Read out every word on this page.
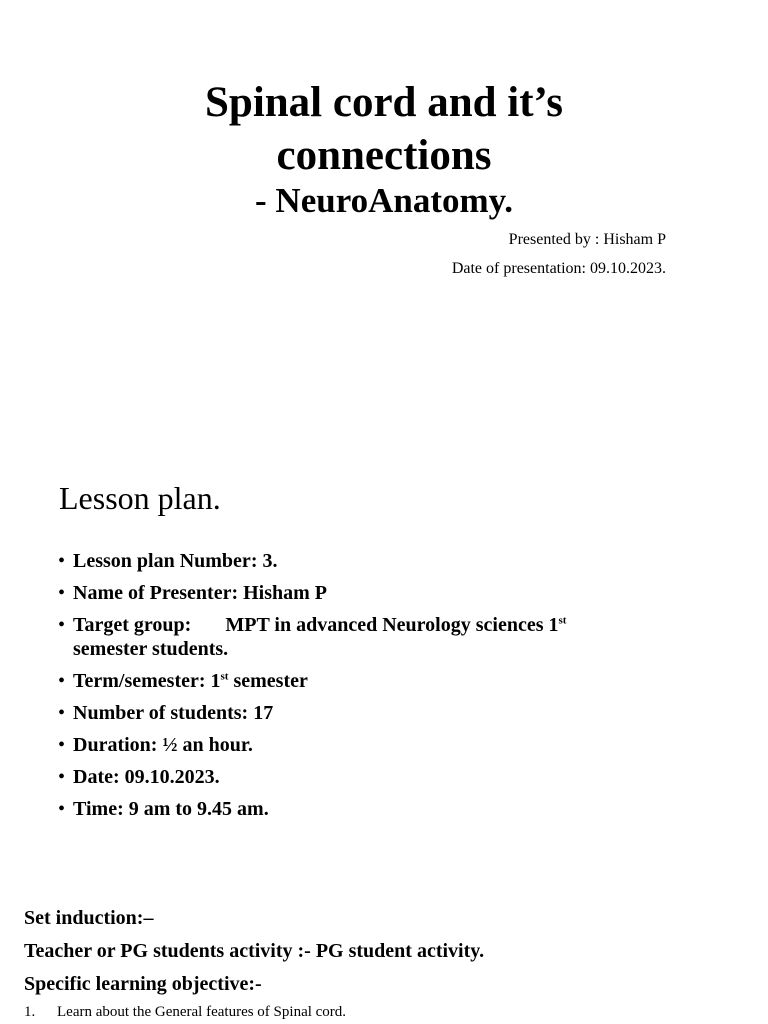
Spinal cord and it’s
connections
- NeuroAnatomy.
Presented by : Hisham P
Date of presentation: 09.10.2023.
Lesson plan.
• Lesson plan Number: 3.
• Name of Presenter: Hisham P
• Target group: MPT in advanced Neurology sciences 1st
semester students.
• Term/semester: 1st semester
• Number of students: 17
• Duration: ½ an hour.
• Date: 09.10.2023.
• Time: 9 am to 9.45 am.
Set induction:–
Teacher or PG students activity :- PG student activity.
Specific learning objective:-
1. Learn about the General features of Spinal cord.
